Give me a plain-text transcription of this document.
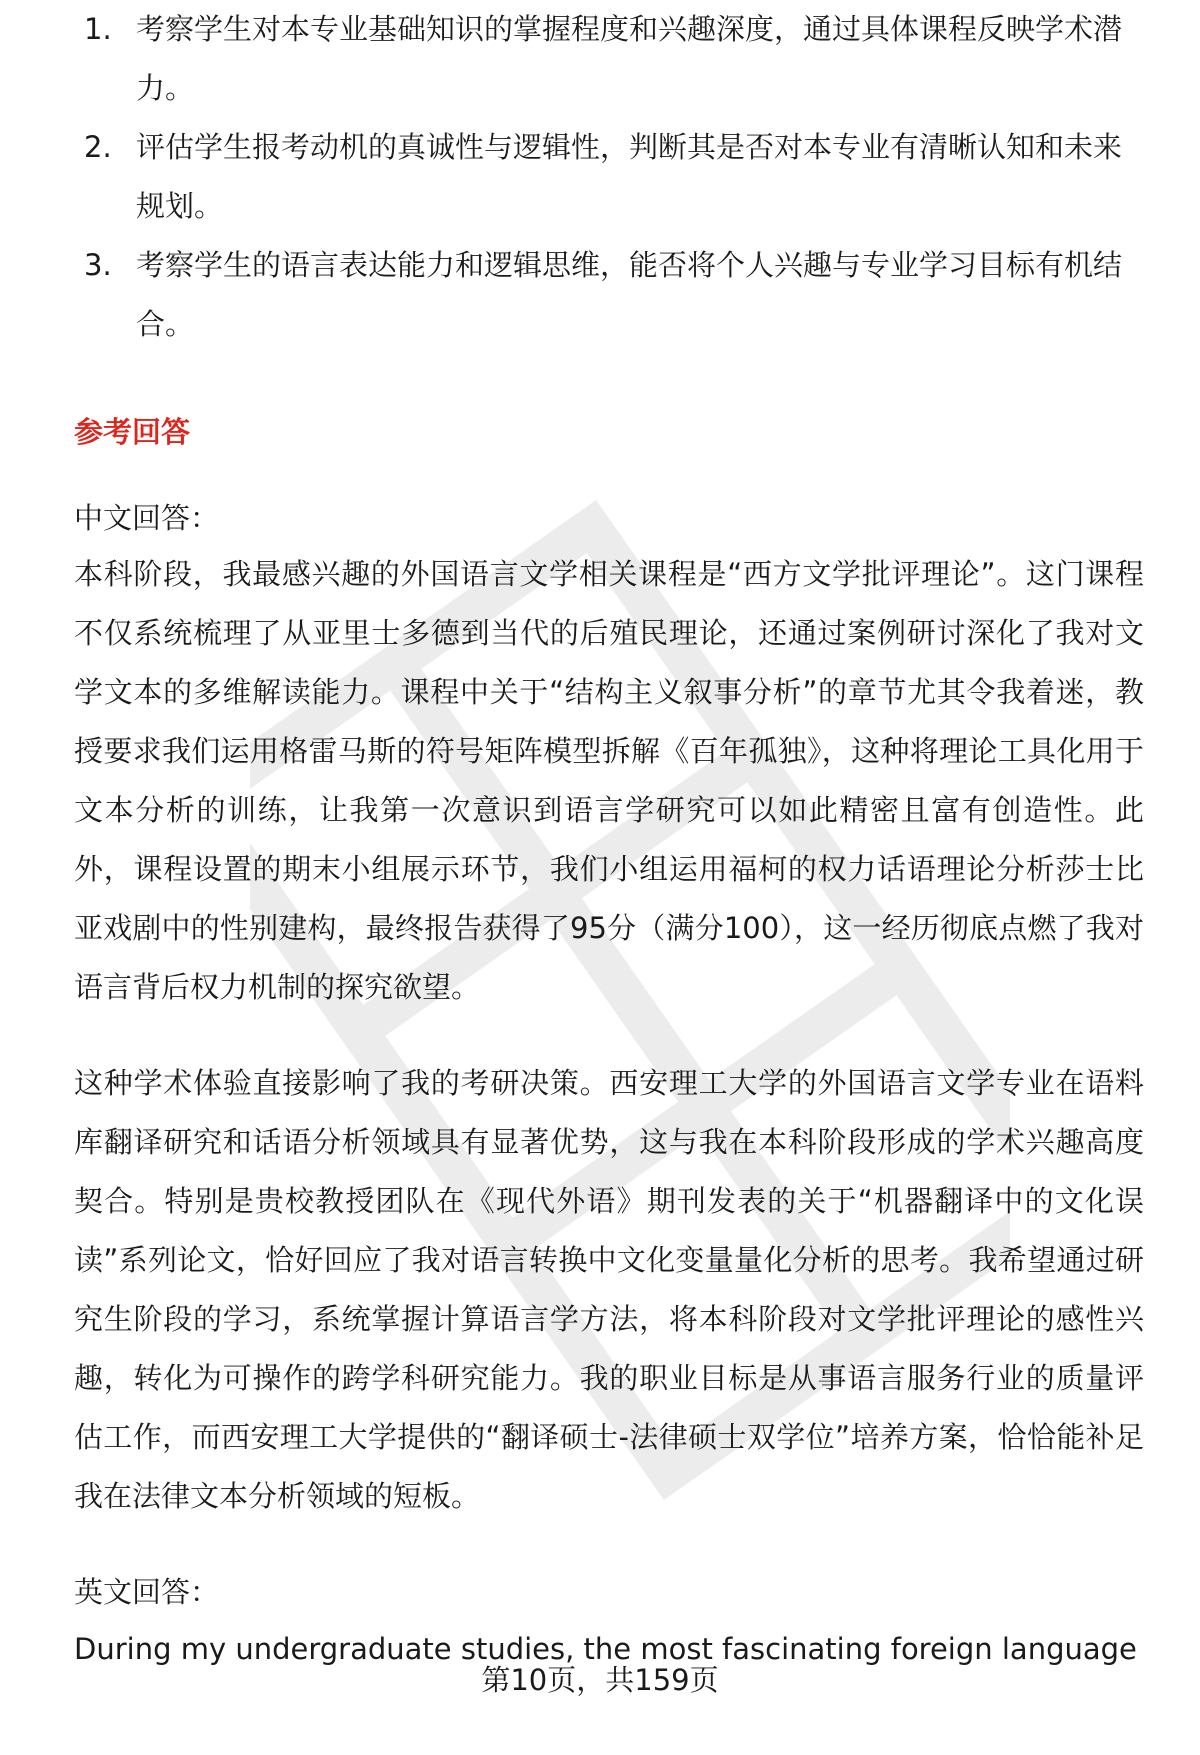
1. 考察学生对本专业基础知识的掌握程度和兴趣深度，通过具体课程反映学术潜力。
2. 评估学生报考动机的真诚性与逻辑性，判断其是否对本专业有清晰认知和未来规划。
3. 考察学生的语言表达能力和逻辑思维，能否将个人兴趣与专业学习目标有机结合。
参考回答
中文回答：
本科阶段，我最感兴趣的外国语言文学相关课程是“西方文学批评理论”。这门课程不仅系统梳理了从亚里士多德到当代的后殖民理论，还通过案例研讨深化了我对文学文本的多维解读能力。课程中关于“结构主义叙事分析”的章节尤其令我着迷，教授要求我们运用格雷马斯的符号矩阵模型拆解《百年孤独》，这种将理论工具化用于文本分析的训练，让我第一次意识到语言学研究可以如此精密且富有创造性。此外，课程设置的期末小组展示环节，我们小组运用福柯的权力话语理论分析莎士比亚戏剧中的性别建构，最终报告获得了95分（满分100），这一经历彻底点燃了我对语言背后权力机制的探究欲望。
这种学术体验直接影响了我的考研决策。西安理工大学的外国语言文学专业在语料库翻译研究和话语分析领域具有显著优势，这与我在本科阶段形成的学术兴趣高度契合。特别是贵校教授团队在《现代外语》期刊发表的关于“机器翻译中的文化误读”系列论文，恰好回应了我对语言转换中文化变量量化分析的思考。我希望通过研究生阶段的学习，系统掌握计算语言学方法，将本科阶段对文学批评理论的感性兴趣，转化为可操作的跨学科研究能力。我的职业目标是从事语言服务行业的质量评估工作，而西安理工大学提供的“翻译硕士-法律硕士双学位”培养方案，恰恰能补足我在法律文本分析领域的短板。
英文回答：
During my undergraduate studies, the most fascinating foreign language
第10页，共159页
